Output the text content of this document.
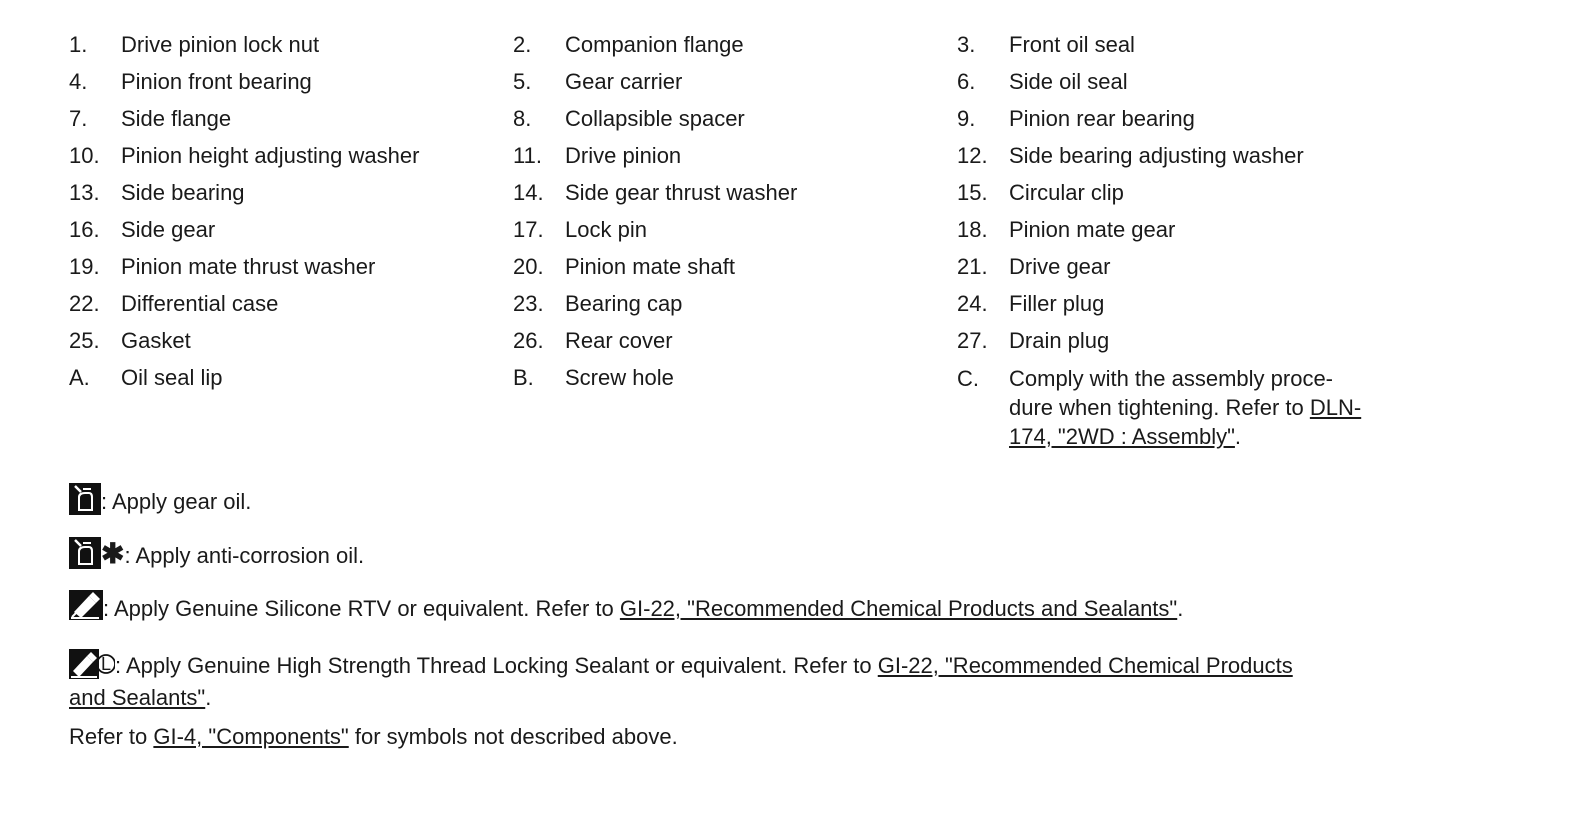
1.	Drive pinion lock nut	2.	Companion flange	3.	Front oil seal
4.	Pinion front bearing	5.	Gear carrier	6.	Side oil seal
7.	Side flange	8.	Collapsible spacer	9.	Pinion rear bearing
10. Pinion height adjusting washer	11.	Drive pinion	12. Side bearing adjusting washer
13. Side bearing	14. Side gear thrust washer	15. Circular clip
16. Side gear	17. Lock pin	18. Pinion mate gear
19. Pinion mate thrust washer	20. Pinion mate shaft	21. Drive gear
22. Differential case	23. Bearing cap	24. Filler plug
25. Gasket	26. Rear cover	27. Drain plug
A.	Oil seal lip	B.	Screw hole	C.	Comply with the assembly proce-
dure when tightening. Refer to DLN-
174, "2WD : Assembly".
: Apply gear oil.
✱: Apply anti-corrosion oil.
: Apply Genuine Silicone RTV or equivalent. Refer to GI-22, "Recommended Chemical Products and Sealants".
L : Apply Genuine High Strength Thread Locking Sealant or equivalent. Refer to GI-22, "Recommended Chemical Products
and Sealants".
Refer to GI-4, "Components" for symbols not described above.
